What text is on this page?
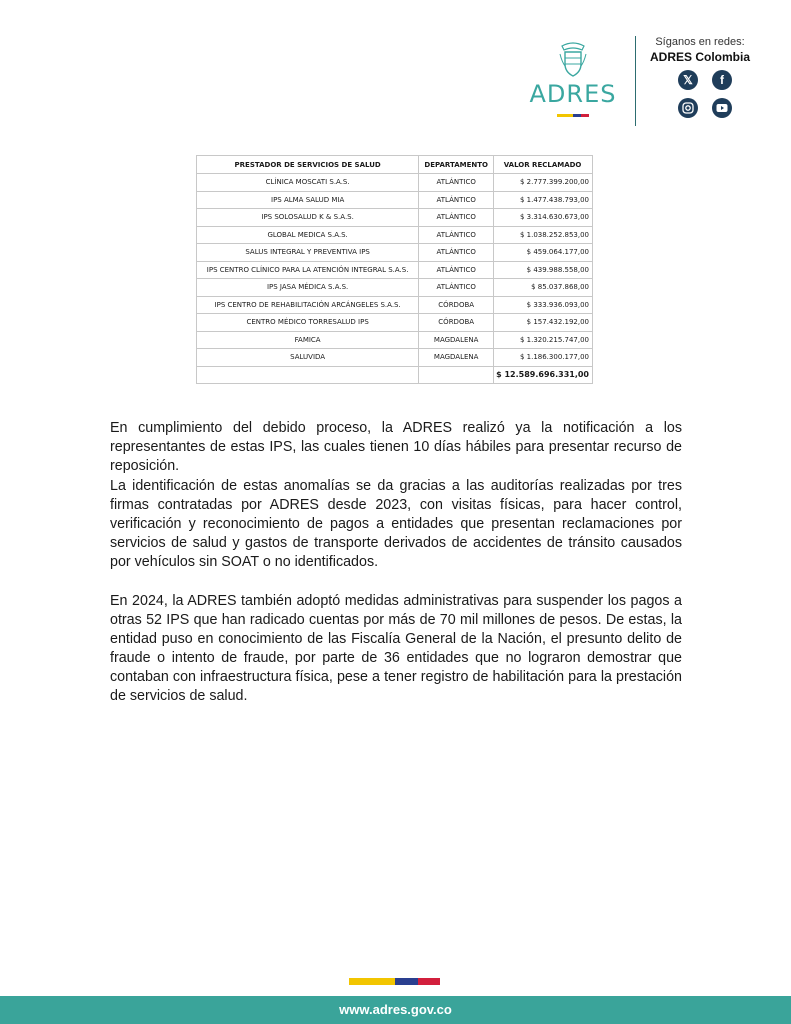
ADRES
Síganos en redes:
ADRES Colombia
𝕏	f
PRESTADOR DE SERVICIOS DE SALUD	DEPARTAMENTO	VALOR RECLAMADO
CLÍNICA MOSCATI S.A.S.	ATLÁNTICO	$ 2.777.399.200,00
IPS ALMA SALUD MIA	ATLÁNTICO	$ 1.477.438.793,00
IPS SOLOSALUD K & S.A.S.	ATLÁNTICO	$ 3.314.630.673,00
GLOBAL MEDICA S.A.S.	ATLÁNTICO	$ 1.038.252.853,00
SALUS INTEGRAL Y PREVENTIVA IPS	ATLÁNTICO	$ 459.064.177,00
IPS CENTRO CLÍNICO PARA LA ATENCIÓN INTEGRAL S.A.S.	ATLÁNTICO	$ 439.988.558,00
IPS JASA MÉDICA S.A.S.	ATLÁNTICO	$ 85.037.868,00
IPS CENTRO DE REHABILITACIÓN ARCÁNGELES S.A.S.	CÓRDOBA	$ 333.936.093,00
CENTRO MÉDICO TORRESALUD IPS	CÓRDOBA	$ 157.432.192,00
FAMICA	MAGDALENA	$ 1.320.215.747,00
SALUVIDA	MAGDALENA	$ 1.186.300.177,00
		$ 12.589.696.331,00

En cumplimiento del debido proceso, la ADRES realizó ya la notificación a los representantes de estas IPS, las cuales tienen 10 días hábiles para presentar recurso de reposición.

La identificación de estas anomalías se da gracias a las auditorías realizadas por tres firmas contratadas por ADRES desde 2023, con visitas físicas, para hacer control, verificación y reconocimiento de pagos a entidades que presentan reclamaciones por servicios de salud y gastos de transporte derivados de accidentes de tránsito causados por vehículos sin SOAT o no identificados.

En 2024, la ADRES también adoptó medidas administrativas para suspender los pagos a otras 52 IPS que han radicado cuentas por más de 70 mil millones de pesos. De estas, la entidad puso en conocimiento de las Fiscalía General de la Nación, el presunto delito de fraude o intento de fraude, por parte de 36 entidades que no lograron demostrar que contaban con infraestructura física, pese a tener registro de habilitación para la prestación de servicios de salud.

www.adres.gov.co
